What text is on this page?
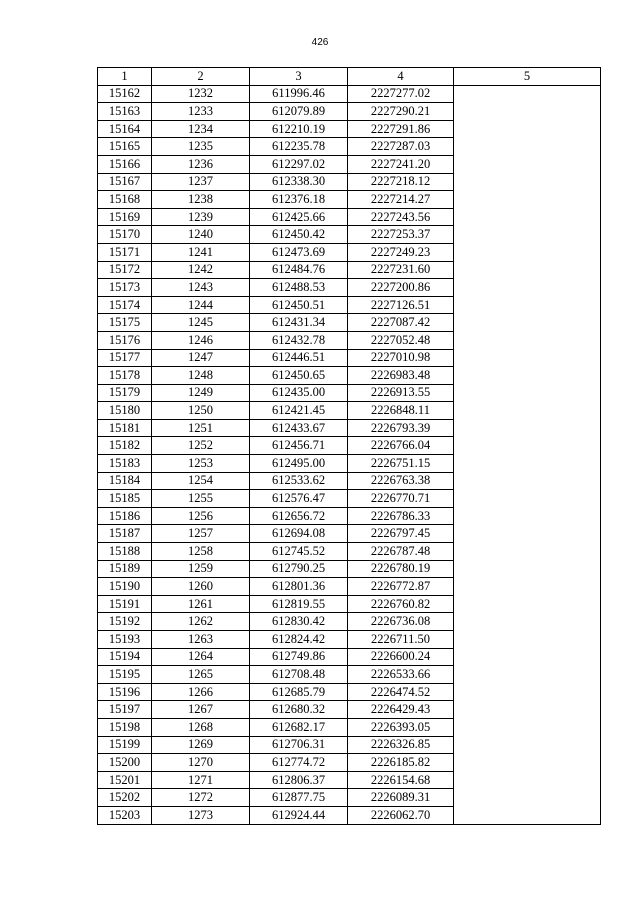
426
1	2	3	4	5
15162	1232	611996.46	2227277.02	
15163	1233	612079.89	2227290.21	
15164	1234	612210.19	2227291.86	
15165	1235	612235.78	2227287.03	
15166	1236	612297.02	2227241.20	
15167	1237	612338.30	2227218.12	
15168	1238	612376.18	2227214.27	
15169	1239	612425.66	2227243.56	
15170	1240	612450.42	2227253.37	
15171	1241	612473.69	2227249.23	
15172	1242	612484.76	2227231.60	
15173	1243	612488.53	2227200.86	
15174	1244	612450.51	2227126.51	
15175	1245	612431.34	2227087.42	
15176	1246	612432.78	2227052.48	
15177	1247	612446.51	2227010.98	
15178	1248	612450.65	2226983.48	
15179	1249	612435.00	2226913.55	
15180	1250	612421.45	2226848.11	
15181	1251	612433.67	2226793.39	
15182	1252	612456.71	2226766.04	
15183	1253	612495.00	2226751.15	
15184	1254	612533.62	2226763.38	
15185	1255	612576.47	2226770.71	
15186	1256	612656.72	2226786.33	
15187	1257	612694.08	2226797.45	
15188	1258	612745.52	2226787.48	
15189	1259	612790.25	2226780.19	
15190	1260	612801.36	2226772.87	
15191	1261	612819.55	2226760.82	
15192	1262	612830.42	2226736.08	
15193	1263	612824.42	2226711.50	
15194	1264	612749.86	2226600.24	
15195	1265	612708.48	2226533.66	
15196	1266	612685.79	2226474.52	
15197	1267	612680.32	2226429.43	
15198	1268	612682.17	2226393.05	
15199	1269	612706.31	2226326.85	
15200	1270	612774.72	2226185.82	
15201	1271	612806.37	2226154.68	
15202	1272	612877.75	2226089.31	
15203	1273	612924.44	2226062.70	
